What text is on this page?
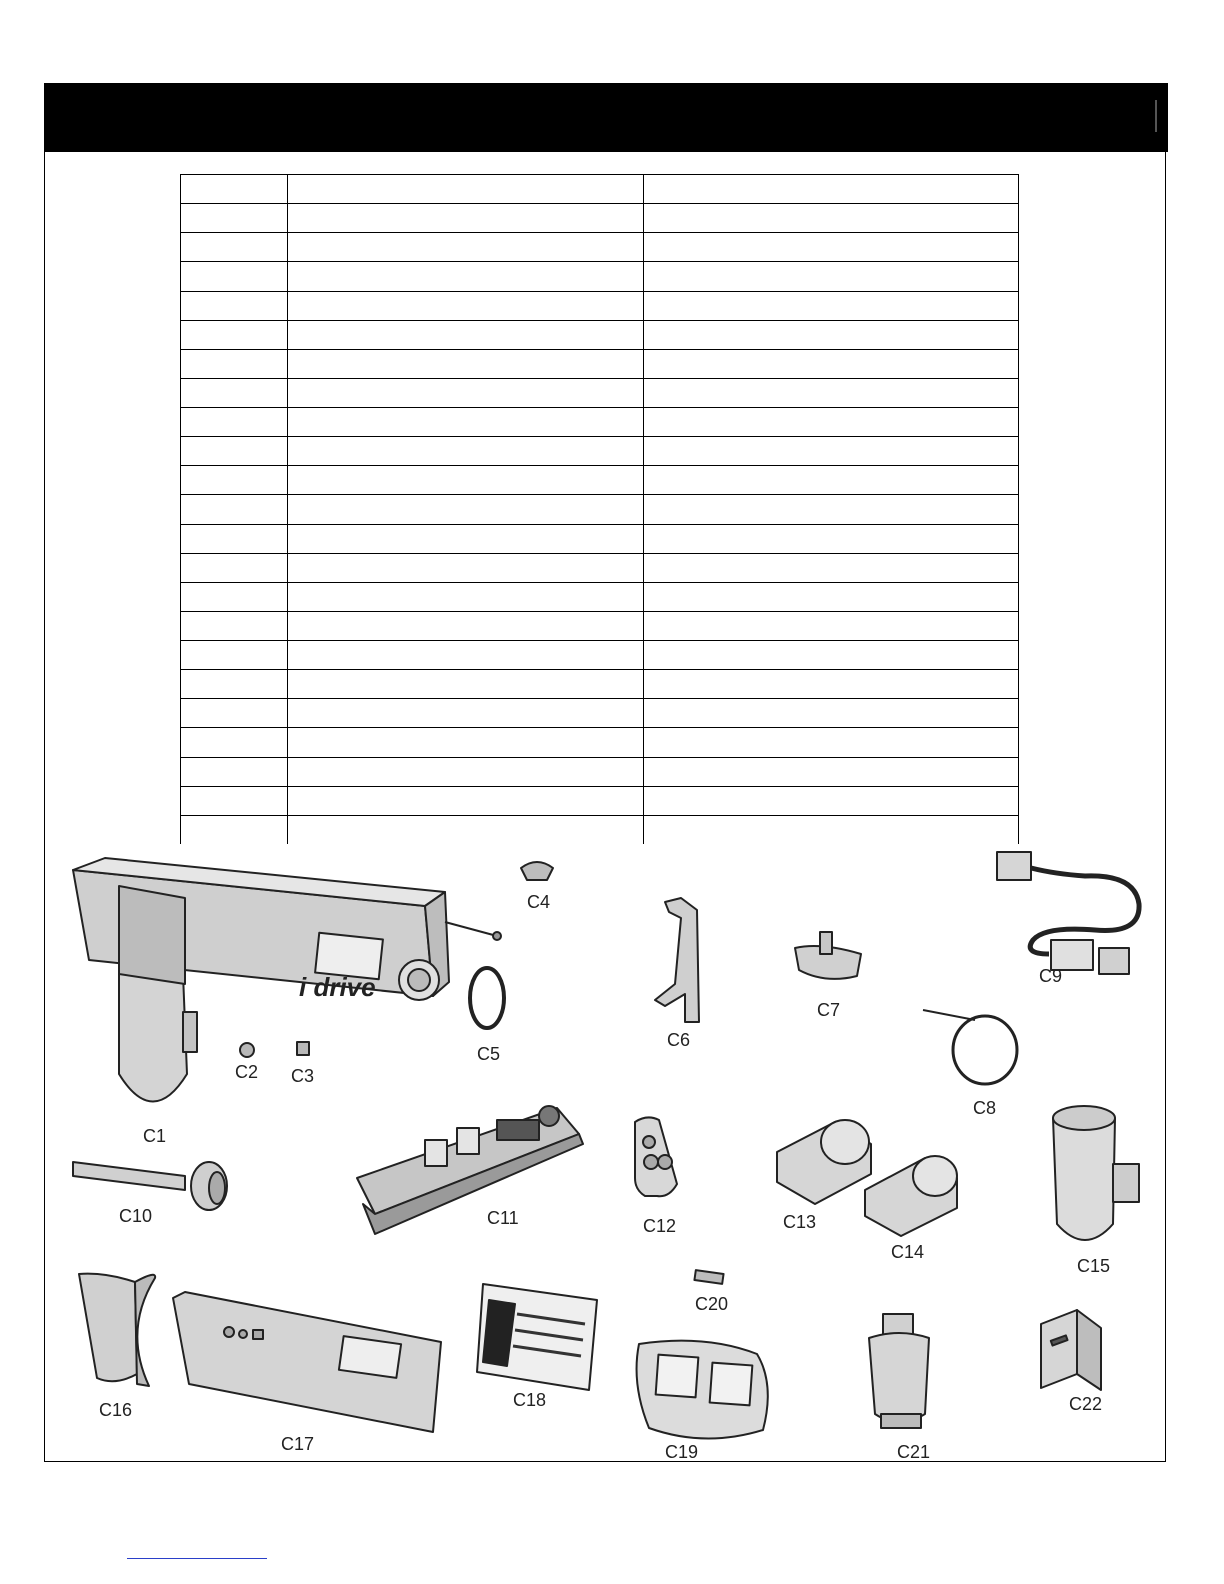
i drive
C1
C2 C3
C4
C5
C6
C7
C8
C9
C10	C11	C12	C13
C14
C15
C16
C17
C18
C19
C20
C21
C22
